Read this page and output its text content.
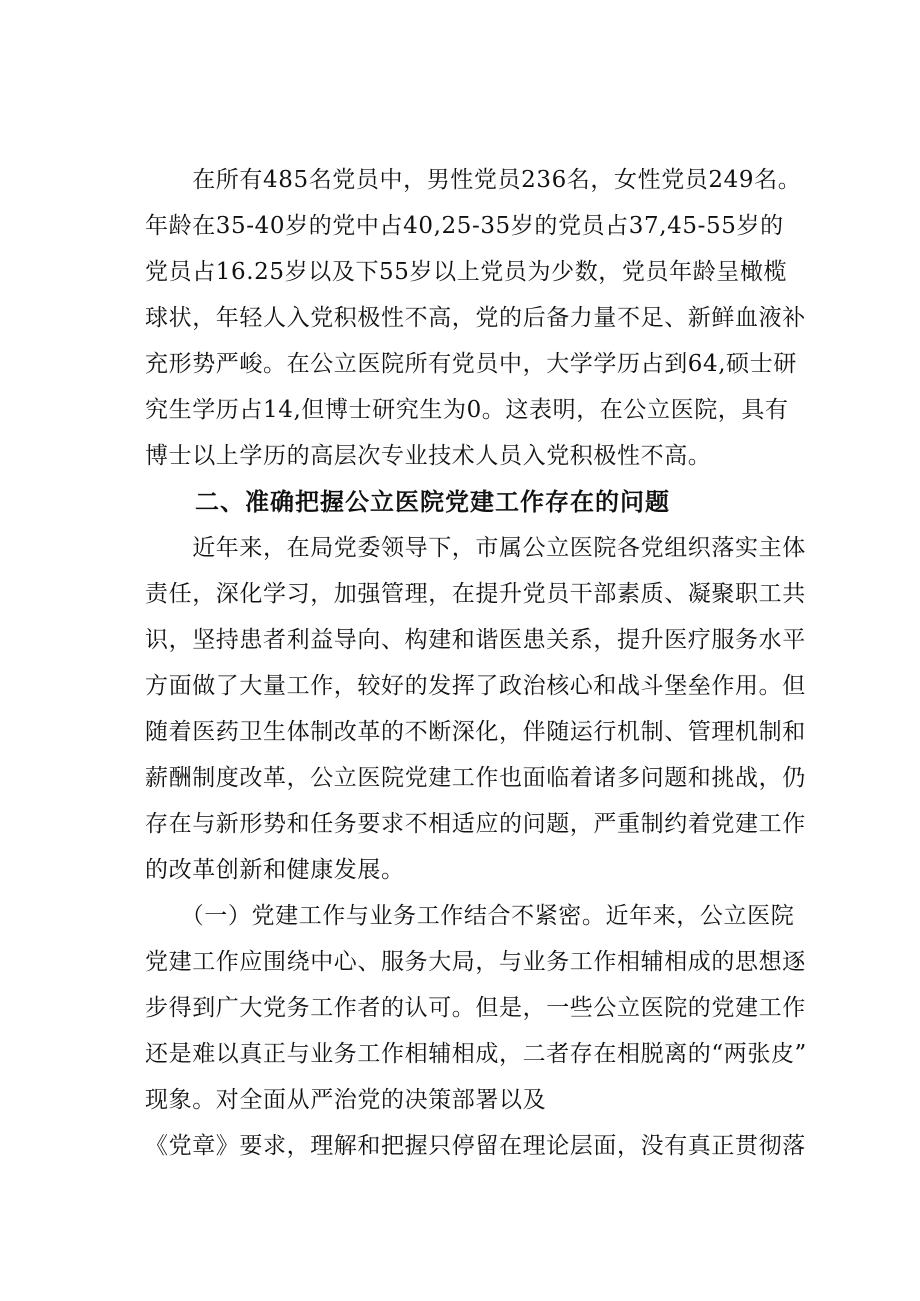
　　在所有485名党员中，男性党员236名，女性党员249名。
年龄在35-40岁的党中占40,25-35岁的党员占37,45-55岁的
党员占16.25岁以及下55岁以上党员为少数，党员年龄呈橄榄
球状，年轻人入党积极性不高，党的后备力量不足、新鲜血液补
充形势严峻。在公立医院所有党员中，大学学历占到64,硕士研
究生学历占14,但博士研究生为0。这表明，在公立医院，具有
博士以上学历的高层次专业技术人员入党积极性不高。
　　二、准确把握公立医院党建工作存在的问题
　　近年来，在局党委领导下，市属公立医院各党组织落实主体
责任，深化学习，加强管理，在提升党员干部素质、凝聚职工共
识，坚持患者利益导向、构建和谐医患关系，提升医疗服务水平
方面做了大量工作，较好的发挥了政治核心和战斗堡垒作用。但
随着医药卫生体制改革的不断深化，伴随运行机制、管理机制和
薪酬制度改革，公立医院党建工作也面临着诸多问题和挑战，仍
存在与新形势和任务要求不相适应的问题，严重制约着党建工作
的改革创新和健康发展。
　　（一）党建工作与业务工作结合不紧密。近年来，公立医院
党建工作应围绕中心、服务大局，与业务工作相辅相成的思想逐
步得到广大党务工作者的认可。但是，一些公立医院的党建工作
还是难以真正与业务工作相辅相成，二者存在相脱离的“两张皮”
现象。对全面从严治党的决策部署以及
《党章》要求，理解和把握只停留在理论层面，没有真正贯彻落
